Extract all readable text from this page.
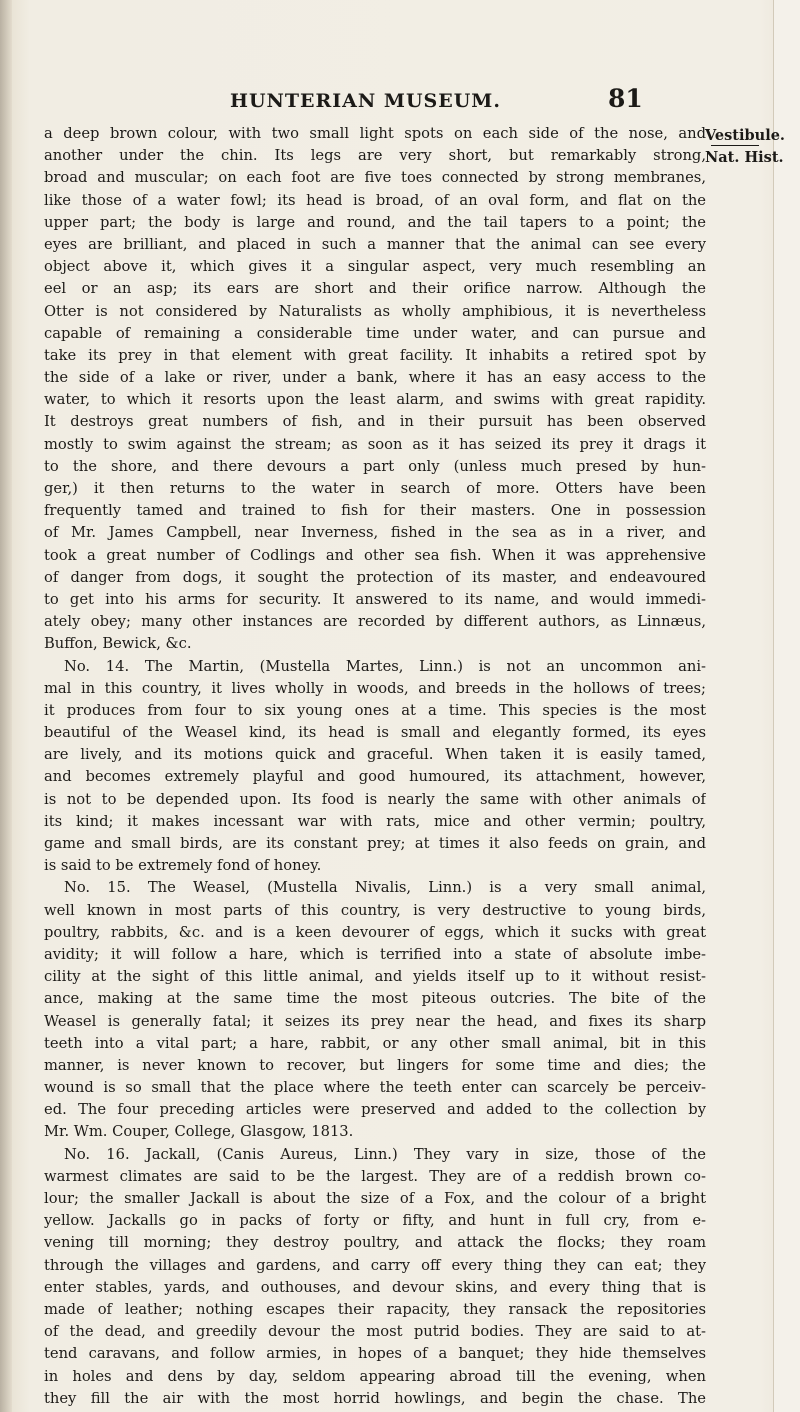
HUNTERIAN MUSEUM.	81
Vestibule.
Nat. Hist.
a deep brown colour, with two small light spots on each side of the nose, and
another under the chin. Its legs are very short, but remarkably strong,
broad and muscular; on each foot are five toes connected by strong membranes,
like those of a water fowl; its head is broad, of an oval form, and flat on the
upper part; the body is large and round, and the tail tapers to a point; the
eyes are brilliant, and placed in such a manner that the animal can see every
object above it, which gives it a singular aspect, very much resembling an
eel or an asp; its ears are short and their orifice narrow. Although the
Otter is not considered by Naturalists as wholly amphibious, it is nevertheless
capable of remaining a considerable time under water, and can pursue and
take its prey in that element with great facility. It inhabits a retired spot by
the side of a lake or river, under a bank, where it has an easy access to the
water, to which it resorts upon the least alarm, and swims with great rapidity.
It destroys great numbers of fish, and in their pursuit has been observed
mostly to swim against the stream; as soon as it has seized its prey it drags it
to the shore, and there devours a part only (unless much presed by hun-
ger,) it then returns to the water in search of more. Otters have been
frequently tamed and trained to fish for their masters. One in possession
of Mr. James Campbell, near Inverness, fished in the sea as in a river, and
took a great number of Codlings and other sea fish. When it was apprehensive
of danger from dogs, it sought the protection of its master, and endeavoured
to get into his arms for security. It answered to its name, and would immedi-
ately obey; many other instances are recorded by different authors, as Linnæus,
Buffon, Bewick, &c.
No. 14. The Martin, (Mustella Martes, Linn.) is not an uncommon ani-
mal in this country, it lives wholly in woods, and breeds in the hollows of trees;
it produces from four to six young ones at a time. This species is the most
beautiful of the Weasel kind, its head is small and elegantly formed, its eyes
are lively, and its motions quick and graceful. When taken it is easily tamed,
and becomes extremely playful and good humoured, its attachment, however,
is not to be depended upon. Its food is nearly the same with other animals of
its kind; it makes incessant war with rats, mice and other vermin; poultry,
game and small birds, are its constant prey; at times it also feeds on grain, and
is said to be extremely fond of honey.
No. 15. The Weasel, (Mustella Nivalis, Linn.) is a very small animal,
well known in most parts of this country, is very destructive to young birds,
poultry, rabbits, &c. and is a keen devourer of eggs, which it sucks with great
avidity; it will follow a hare, which is terrified into a state of absolute imbe-
cility at the sight of this little animal, and yields itself up to it without resist-
ance, making at the same time the most piteous outcries. The bite of the
Weasel is generally fatal; it seizes its prey near the head, and fixes its sharp
teeth into a vital part; a hare, rabbit, or any other small animal, bit in this
manner, is never known to recover, but lingers for some time and dies; the
wound is so small that the place where the teeth enter can scarcely be perceiv-
ed. The four preceding articles were preserved and added to the collection by
Mr. Wm. Couper, College, Glasgow, 1813.
No. 16. Jackall, (Canis Aureus, Linn.) They vary in size, those of the
warmest climates are said to be the largest. They are of a reddish brown co-
lour; the smaller Jackall is about the size of a Fox, and the colour of a bright
yellow. Jackalls go in packs of forty or fifty, and hunt in full cry, from e-
vening till morning; they destroy poultry, and attack the flocks; they roam
through the villages and gardens, and carry off every thing they can eat; they
enter stables, yards, and outhouses, and devour skins, and every thing that is
made of leather; nothing escapes their rapacity, they ransack the repositories
of the dead, and greedily devour the most putrid bodies. They are said to at-
tend caravans, and follow armies, in hopes of a banquet; they hide themselves
in holes and dens by day, seldom appearing abroad till the evening, when
they fill the air with the most horrid howlings, and begin the chase. The
